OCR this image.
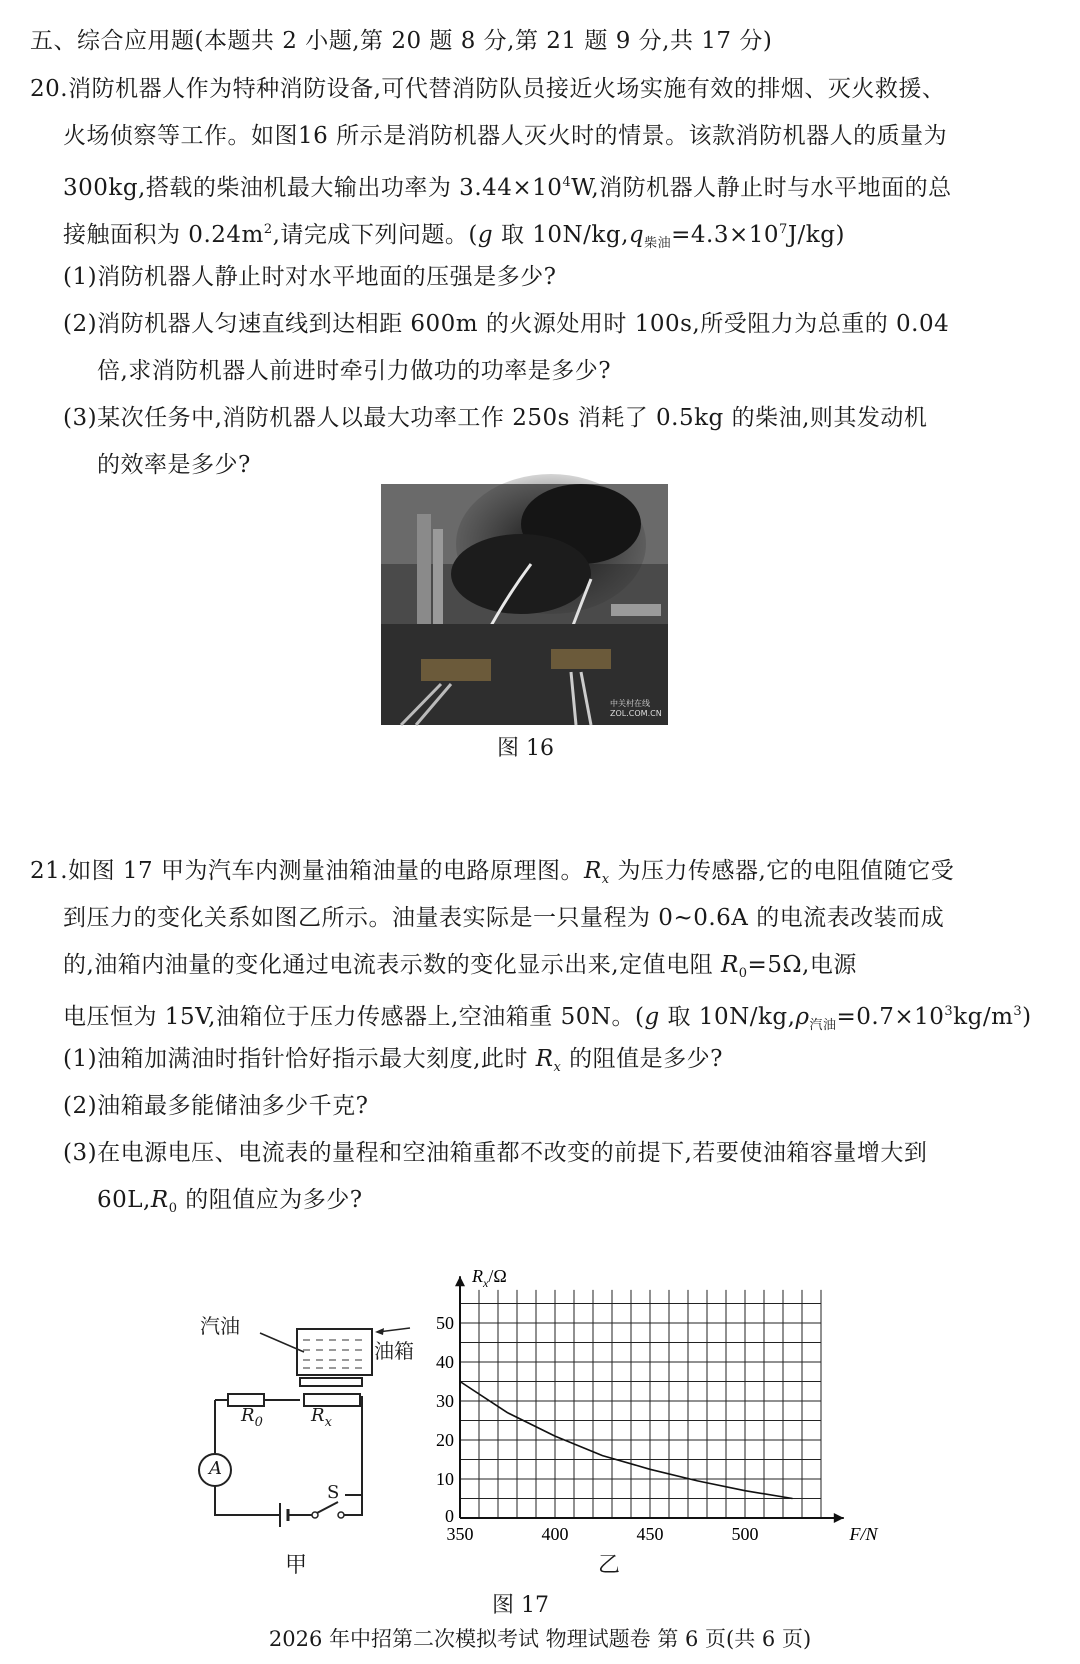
五、综合应用题(本题共 2 小题,第 20 题 8 分,第 21 题 9 分,共 17 分)
20.消防机器人作为特种消防设备,可代替消防队员接近火场实施有效的排烟、灭火救援、
火场侦察等工作。如图16 所示是消防机器人灭火时的情景。该款消防机器人的质量为
300kg,搭载的柴油机最大输出功率为 $3.44\times 10^4W$,消防机器人静止时与水平地面的总
接触面积为 $0.24m^2$,请完成下列问题。(g 取 $10N/kg,q_{柴油}=4.3\times 10^7J/kg$)
(1)消防机器人静止时对水平地面的压强是多少?
(2)消防机器人匀速直线到达相距 600m 的火源处用时 100s,所受阻力为总重的 0.04
倍,求消防机器人前进时牵引力做功的功率是多少?
(3)某次任务中,消防机器人以最大功率工作 250s 消耗了 0.5kg 的柴油,则其发动机
的效率是多少?
中关村在线 ZOL.COM.CN
图 16
21.如图 17 甲为汽车内测量油箱油量的电路原理图。$R_x$ 为压力传感器,它的电阻值随它受
到压力的变化关系如图乙所示。油量表实际是一只量程为 0~0.6A 的电流表改装而成
的,油箱内油量的变化通过电流表示数的变化显示出来,定值电阻 $R_0=5\Omega$,电源
电压恒为 15V,油箱位于压力传感器上,空油箱重 50N。(g 取 $10N/kg,\rho_{汽油}=0.7\times 10^3kg/m^3$)
(1)油箱加满油时指针恰好指示最大刻度,此时 $R_x$ 的阻值是多少?
(2)油箱最多能储油多少千克?
(3)在电源电压、电流表的量程和空油箱重都不改变的前提下,若要使油箱容量增大到
$60L,R_0$ 的阻值应为多少?
汽油
油箱
$R_0$	$R_x$
A
S
甲
350	400	450	500
10
20
30
40
50
0
F/N
$R_x/\Omega$
乙
图 17
2026 年中招第二次模拟考试 物理试题卷 第 6 页(共 6 页)
